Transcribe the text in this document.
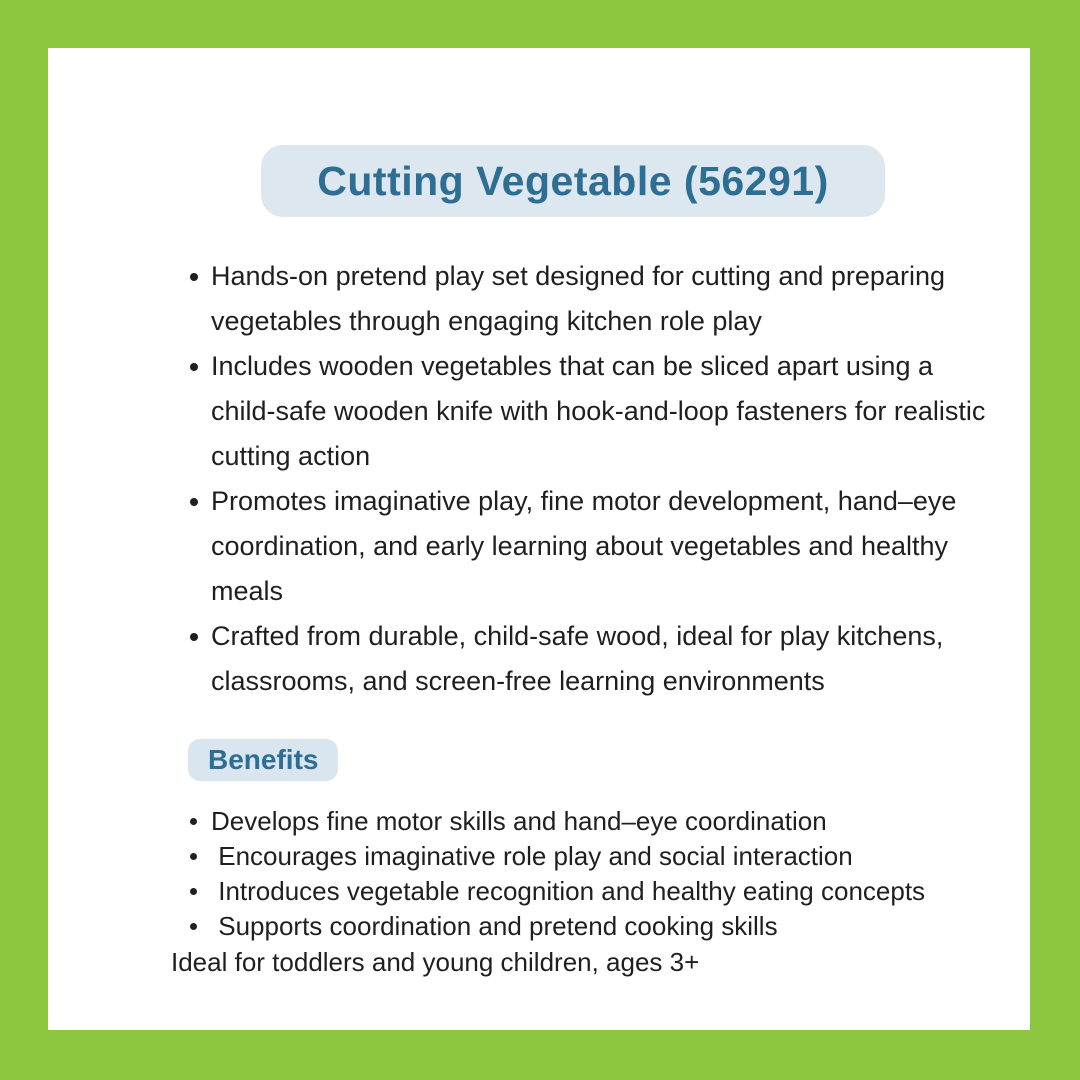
Cutting Vegetable (56291)
Hands-on pretend play set designed for cutting and preparing vegetables through engaging kitchen role play
Includes wooden vegetables that can be sliced apart using a child-safe wooden knife with hook-and-loop fasteners for realistic cutting action
Promotes imaginative play, fine motor development, hand–eye coordination, and early learning about vegetables and healthy meals
Crafted from durable, child-safe wood, ideal for play kitchens, classrooms, and screen-free learning environments
Benefits
Develops fine motor skills and hand–eye coordination
Encourages imaginative role play and social interaction
Introduces vegetable recognition and healthy eating concepts
Supports coordination and pretend cooking skills
Ideal for toddlers and young children, ages 3+
